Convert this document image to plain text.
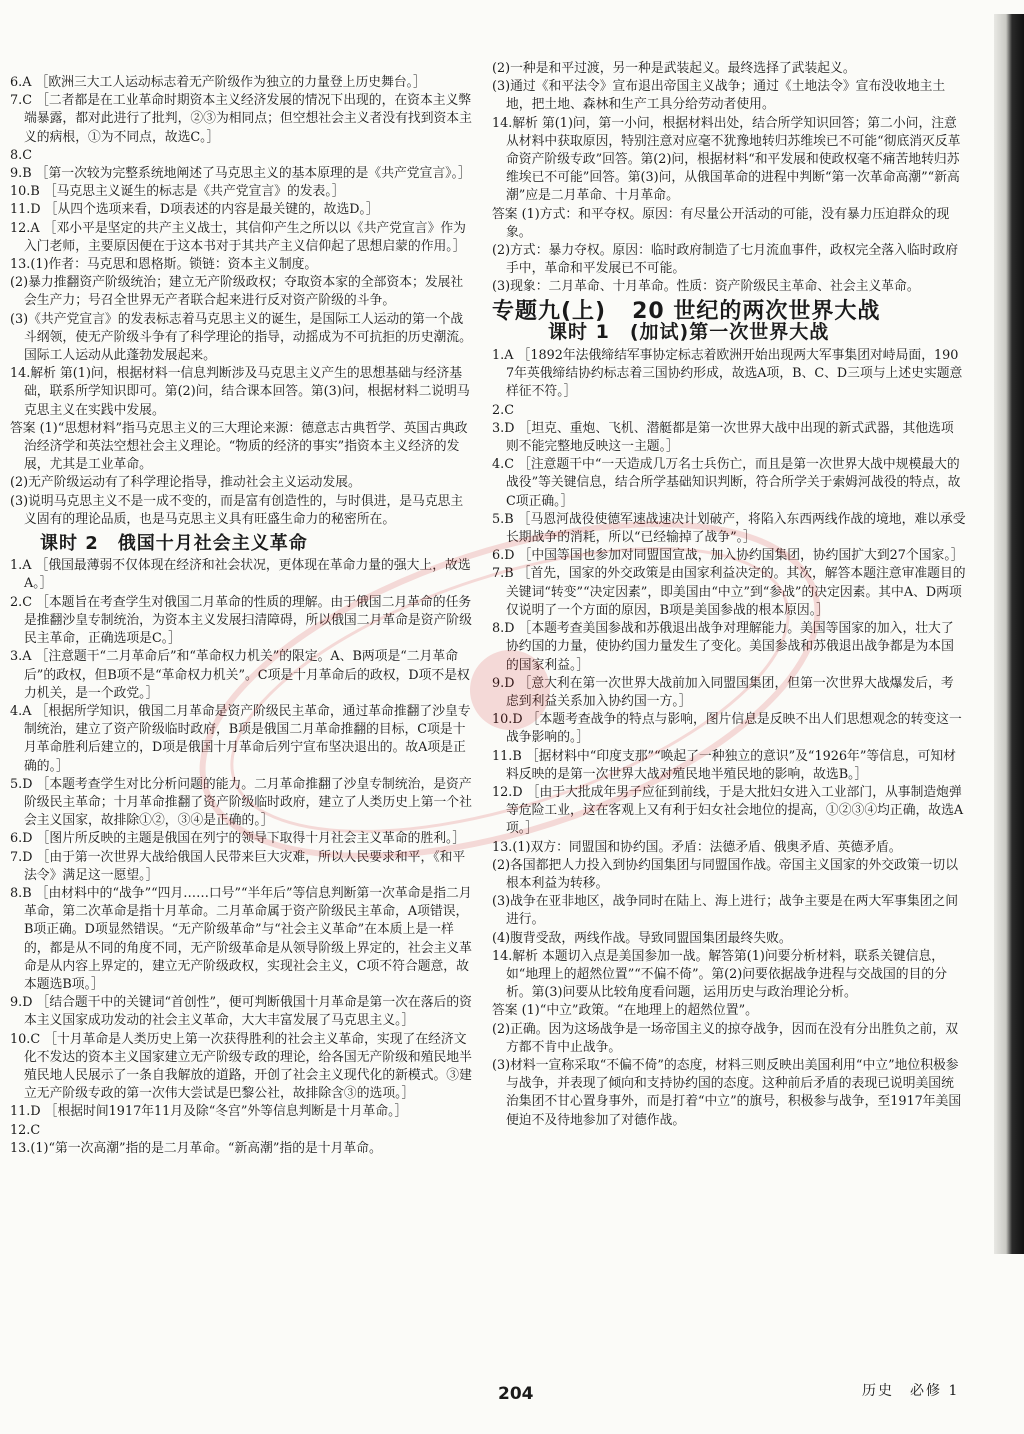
6.A ［欧洲三大工人运动标志着无产阶级作为独立的力量登上历史舞台。］

7.C ［二者都是在工业革命时期资本主义经济发展的情况下出现的，在资本主义弊端暴露，都对此进行了批判，②③为相同点；但空想社会主义者没有找到资本主义的病根，①为不同点，故选C。］

8.C

9.B ［第一次较为完整系统地阐述了马克思主义的基本原理的是《共产党宣言》。］

10.B ［马克思主义诞生的标志是《共产党宣言》的发表。］

11.D ［从四个选项来看，D项表述的内容是最关键的，故选D。］

12.A ［邓小平是坚定的共产主义战士，其信仰产生之所以以《共产党宣言》作为入门老师，主要原因便在于这本书对于其共产主义信仰起了思想启蒙的作用。］

13.(1)作者：马克思和恩格斯。锁链：资本主义制度。

(2)暴力推翻资产阶级统治；建立无产阶级政权；夺取资本家的全部资本；发展社会生产力；号召全世界无产者联合起来进行反对资产阶级的斗争。

(3)《共产党宣言》的发表标志着马克思主义的诞生，是国际工人运动的第一个战斗纲领，使无产阶级斗争有了科学理论的指导，动摇成为不可抗拒的历史潮流。国际工人运动从此蓬勃发展起来。

14.解析 第(1)问，根据材料一信息判断涉及马克思主义产生的思想基础与经济基础，联系所学知识即可。第(2)问，结合课本回答。第(3)问，根据材料二说明马克思主义在实践中发展。

答案 (1)“思想材料”指马克思主义的三大理论来源：德意志古典哲学、英国古典政治经济学和英法空想社会主义理论。“物质的经济的事实”指资本主义经济的发展，尤其是工业革命。

(2)无产阶级运动有了科学理论指导，推动社会主义运动发展。

(3)说明马克思主义不是一成不变的，而是富有创造性的，与时俱进，是马克思主义固有的理论品质，也是马克思主义具有旺盛生命力的秘密所在。

课时 2　俄国十月社会主义革命

1.A ［俄国最薄弱不仅体现在经济和社会状况，更体现在革命力量的强大上，故选A。］

2.C ［本题旨在考查学生对俄国二月革命的性质的理解。由于俄国二月革命的任务是推翻沙皇专制统治，为资本主义发展扫清障碍，所以俄国二月革命是资产阶级民主革命，正确选项是C。］

3.A ［注意题干“二月革命后”和“革命权力机关”的限定。A、B两项是“二月革命后”的政权，但B项不是“革命权力机关”。C项是十月革命后的政权，D项不是权力机关，是一个政党。］

4.A ［根据所学知识，俄国二月革命是资产阶级民主革命，通过革命推翻了沙皇专制统治，建立了资产阶级临时政府，B项是俄国二月革命推翻的目标，C项是十月革命胜利后建立的，D项是俄国十月革命后列宁宣布坚决退出的。故A项是正确的。］

5.D ［本题考查学生对比分析问题的能力。二月革命推翻了沙皇专制统治，是资产阶级民主革命；十月革命推翻了资产阶级临时政府，建立了人类历史上第一个社会主义国家，故排除①②，③④是正确的。］

6.D ［图片所反映的主题是俄国在列宁的领导下取得十月社会主义革命的胜利。］

7.D ［由于第一次世界大战给俄国人民带来巨大灾难，所以人民要求和平，《和平法令》满足这一愿望。］

8.B ［由材料中的“战争”“四月……口号”“半年后”等信息判断第一次革命是指二月革命，第二次革命是指十月革命。二月革命属于资产阶级民主革命，A项错误，B项正确。D项显然错误。“无产阶级革命”与“社会主义革命”在本质上是一样的，都是从不同的角度不同，无产阶级革命是从领导阶级上界定的，社会主义革命是从内容上界定的，建立无产阶级政权，实现社会主义，C项不符合题意，故本题选B项。］

9.D ［结合题干中的关键词“首创性”，便可判断俄国十月革命是第一次在落后的资本主义国家成功发动的社会主义革命，大大丰富发展了马克思主义。］

10.C ［十月革命是人类历史上第一次获得胜利的社会主义革命，实现了在经济文化不发达的资本主义国家建立无产阶级专政的理论，给各国无产阶级和殖民地半殖民地人民展示了一条自我解放的道路，开创了社会主义现代化的新模式。③建立无产阶级专政的第一次伟大尝试是巴黎公社，故排除含③的选项。］

11.D ［根据时间1917年11月及除“冬宫”外等信息判断是十月革命。］

12.C

13.(1)“第一次高潮”指的是二月革命。“新高潮”指的是十月革命。

(2)一种是和平过渡，另一种是武装起义。最终选择了武装起义。

(3)通过《和平法令》宣布退出帝国主义战争；通过《土地法令》宣布没收地主土地，把土地、森林和生产工具分给劳动者使用。

14.解析 第(1)问，第一小问，根据材料出处，结合所学知识回答；第二小问，注意从材料中获取原因，特别注意对应毫不犹豫地转归苏维埃已不可能“彻底消灭反革命资产阶级专政”回答。第(2)问，根据材料“和平发展和使政权毫不痛苦地转归苏维埃已不可能”回答。第(3)问，从俄国革命的进程中判断“第一次革命高潮”“新高潮”应是二月革命、十月革命。

答案 (1)方式：和平夺权。原因：有尽量公开活动的可能，没有暴力压迫群众的现象。

(2)方式：暴力夺权。原因：临时政府制造了七月流血事件，政权完全落入临时政府手中，革命和平发展已不可能。

(3)现象：二月革命、十月革命。性质：资产阶级民主革命、社会主义革命。

专题九(上) 20 世纪的两次世界大战
课时 1　(加试)第一次世界大战

1.A ［1892年法俄缔结军事协定标志着欧洲开始出现两大军事集团对峙局面，1907年英俄缔结协约标志着三国协约形成，故选A项，B、C、D三项与上述史实题意样征不符。］

2.C

3.D ［坦克、重炮、飞机、潜艇都是第一次世界大战中出现的新式武器，其他选项则不能完整地反映这一主题。］

4.C ［注意题干中“一天造成几万名士兵伤亡，而且是第一次世界大战中规模最大的战役”等关键信息，结合所学基础知识判断，符合所学关于索姆河战役的特点，故C项正确。］

5.B ［马恩河战役使德军速战速决计划破产，将陷入东西两线作战的境地，难以承受长期战争的消耗，所以“已经输掉了战争”。］

6.D ［中国等国也参加对同盟国宣战，加入协约国集团，协约国扩大到27个国家。］

7.B ［首先，国家的外交政策是由国家利益决定的。其次，解答本题注意审准题目的关键词“转变”“决定因素”，即美国由“中立”到“参战”的决定因素。其中A、D两项仅说明了一个方面的原因，B项是美国参战的根本原因。］

8.D ［本题考查美国参战和苏俄退出战争对理解能力。美国等国家的加入，壮大了协约国的力量，使协约国力量发生了变化。美国参战和苏俄退出战争都是为本国的国家利益。］

9.D ［意大利在第一次世界大战前加入同盟国集团，但第一次世界大战爆发后，考虑到利益关系加入协约国一方。］

10.D ［本题考查战争的特点与影响，图片信息是反映不出人们思想观念的转变这一战争影响的。］

11.B ［据材料中“印度支那”“唤起了一种独立的意识”及“1926年”等信息，可知材料反映的是第一次世界大战对殖民地半殖民地的影响，故选B。］

12.D ［由于大批成年男子应征到前线，于是大批妇女进入工业部门，从事制造炮弹等危险工业，这在客观上又有利于妇女社会地位的提高，①②③④均正确，故选A项。］

13.(1)双方：同盟国和协约国。矛盾：法德矛盾、俄奥矛盾、英德矛盾。

(2)各国都把人力投入到协约国集团与同盟国作战。帝国主义国家的外交政策一切以根本利益为转移。

(3)战争在亚非地区，战争同时在陆上、海上进行；战争主要是在两大军事集团之间进行。

(4)腹背受敌，两线作战。导致同盟国集团最终失败。

14.解析 本题切入点是美国参加一战。解答第(1)问要分析材料，联系关键信息，如“地理上的超然位置”“不偏不倚”。第(2)问要依据战争进程与交战国的目的分析。第(3)问要从比较角度看问题，运用历史与政治理论分析。

答案 (1)“中立”政策。“在地理上的超然位置”。

(2)正确。因为这场战争是一场帝国主义的掠夺战争，因而在没有分出胜负之前，双方都不肯中止战争。

(3)材料一宣称采取“不偏不倚”的态度，材料三则反映出美国利用“中立”地位积极参与战争，并表现了倾向和支持协约国的态度。这种前后矛盾的表现已说明美国统治集团不甘心置身事外，而是打着“中立”的旗号，积极参与战争，至1917年美国便迫不及待地参加了对德作战。

204	历史　必修 1
